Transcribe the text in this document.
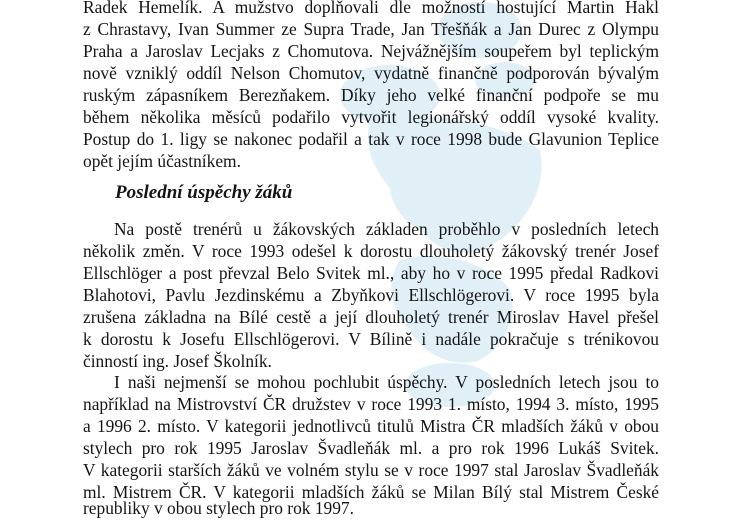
Radek Hemelík. A mužstvo doplňovali dle možností hostující Martin Hakl
z Chrastavy, Ivan Summer ze Supra Trade, Jan Třešňák a Jan Durec z Olympu
Praha a Jaroslav Lecjaks z Chomutova. Nejvážnějším soupeřem byl teplickým
nově vzniklý oddíl Nelson Chomutov, vydatně finančně podporován bývalým
ruským zápasníkem Berezňakem. Díky jeho velké finanční podpoře se mu
během několika měsíců podařilo vytvořit legionářský oddíl vysoké kvality.
Postup do 1. ligy se nakonec podařil a tak v roce 1998 bude Glavunion Teplice
opět jejím účastníkem.
Poslední úspěchy žáků
Na postě trenérů u žákovských základen proběhlo v posledních letech
několik změn. V roce 1993 odešel k dorostu dlouholetý žákovský trenér Josef
Ellschlöger a post převzal Belo Svitek ml., aby ho v roce 1995 předal Radkovi
Blahotovi, Pavlu Jezdinskému a Zbyňkovi Ellschlögerovi. V roce 1995 byla
zrušena základna na Bílé cestě a její dlouholetý trenér Miroslav Havel přešel
k dorostu k Josefu Ellschlögerovi. V Bílině i nadále pokračuje s trénikovou
činností ing. Josef Školník.
I naši nejmenší se mohou pochlubit úspěchy. V posledních letech jsou to
například na Mistrovství ČR družstev v roce 1993 1. místo, 1994 3. místo, 1995
a 1996 2. místo. V kategorii jednotlivců titulů Mistra ČR mladších žáků v obou
stylech pro rok 1995 Jaroslav Švadleňák ml. a pro rok 1996 Lukáš Svitek.
V kategorii starších žáků ve volném stylu se v roce 1997 stal Jaroslav Švadleňák
ml. Mistrem ČR. V kategorii mladších žáků se Milan Bílý stal Mistrem České
republiky v obou stylech pro rok 1997.
